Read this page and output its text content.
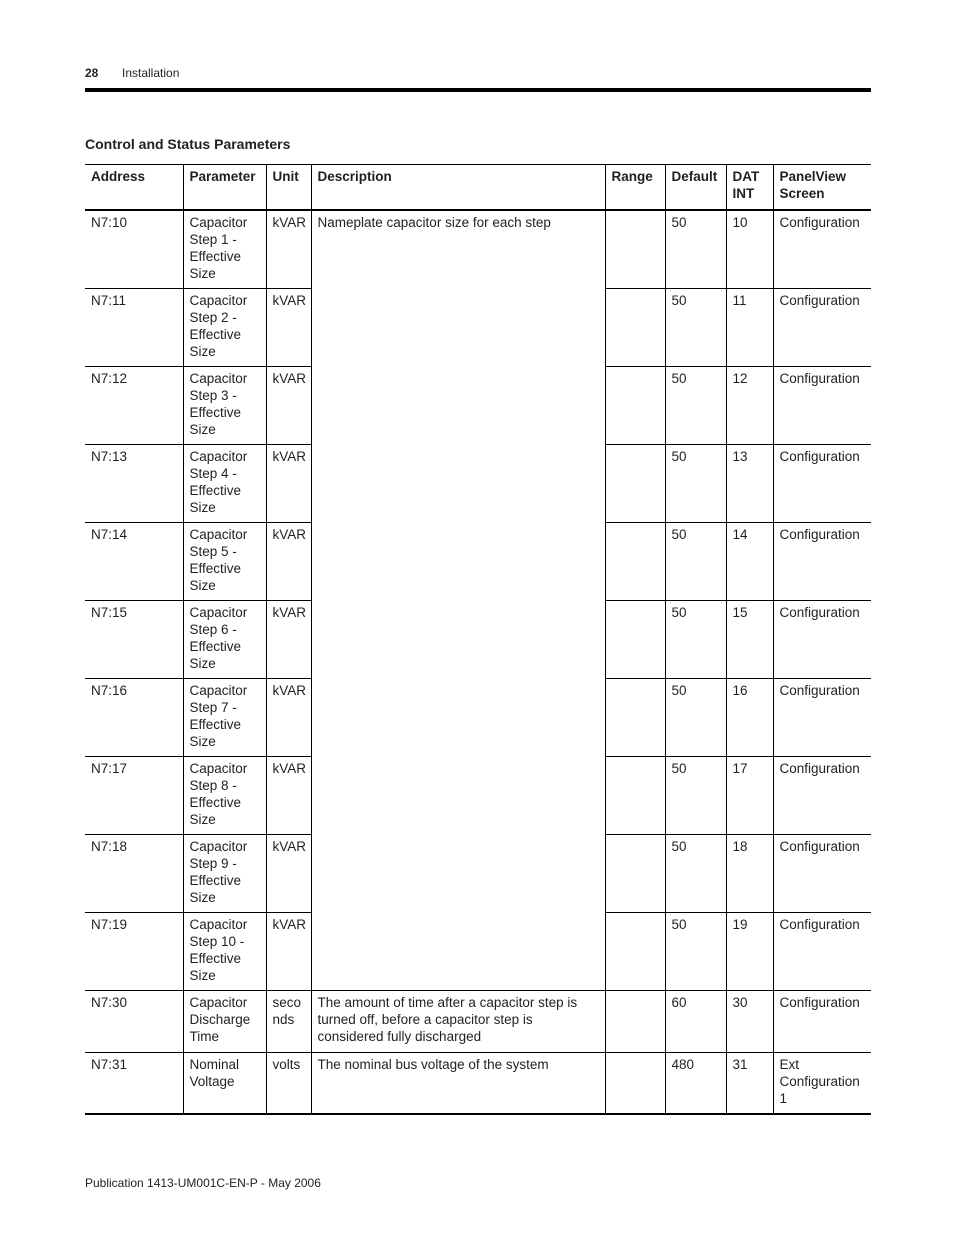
28 Installation
Control and Status Parameters
Address	Parameter	Unit	Description	Range	Default	DAT INT	PanelView Screen
N7:10	Capacitor Step 1 - Effective Size	kVAR	Nameplate capacitor size for each step		50	10	Configuration
N7:11	Capacitor Step 2 - Effective Size	kVAR			50	11	Configuration
N7:12	Capacitor Step 3 - Effective Size	kVAR			50	12	Configuration
N7:13	Capacitor Step 4 - Effective Size	kVAR			50	13	Configuration
N7:14	Capacitor Step 5 - Effective Size	kVAR			50	14	Configuration
N7:15	Capacitor Step 6 - Effective Size	kVAR			50	15	Configuration
N7:16	Capacitor Step 7 - Effective Size	kVAR			50	16	Configuration
N7:17	Capacitor Step 8 - Effective Size	kVAR			50	17	Configuration
N7:18	Capacitor Step 9 - Effective Size	kVAR			50	18	Configuration
N7:19	Capacitor Step 10 - Effective Size	kVAR			50	19	Configuration
N7:30	Capacitor Discharge Time	seco nds	The amount of time after a capacitor step is turned off, before a capacitor step is considered fully discharged		60	30	Configuration
N7:31	Nominal Voltage	volts	The nominal bus voltage of the system		480	31	Ext Configuration 1
Publication 1413-UM001C-EN-P - May 2006
